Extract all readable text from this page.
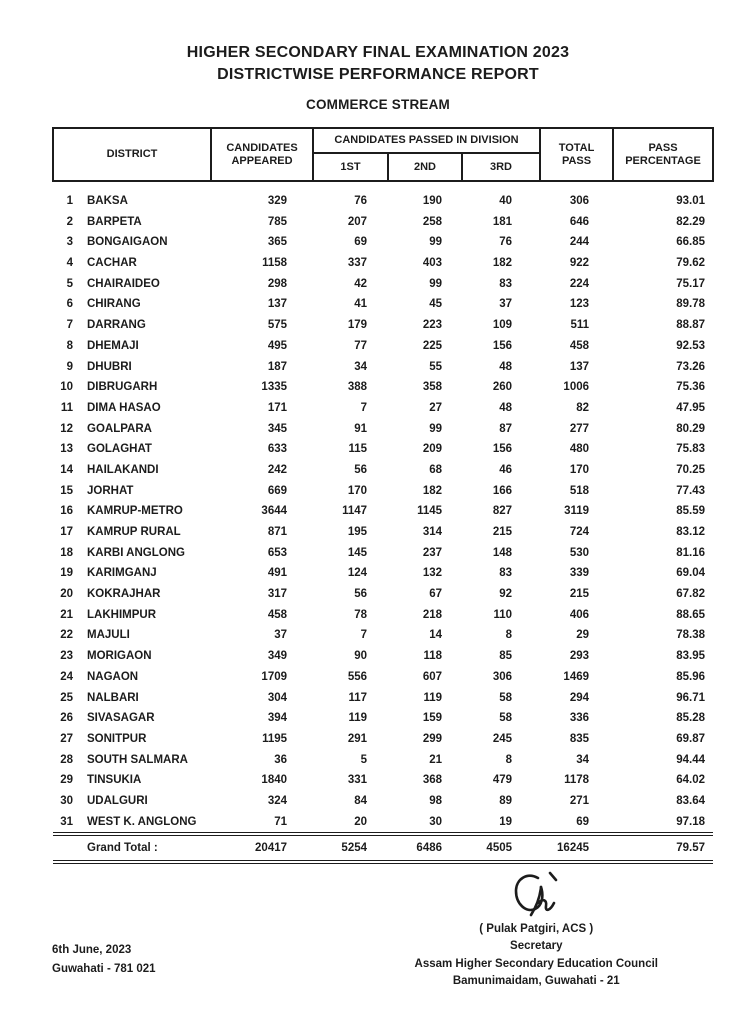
HIGHER SECONDARY FINAL EXAMINATION 2023
DISTRICTWISE PERFORMANCE REPORT
COMMERCE STREAM
DISTRICT		CANDIDATES APPEARED	CANDIDATES PASSED IN DIVISION			TOTAL PASS	PASS PERCENTAGE
			1ST	2ND	3RD		
1	BAKSA	329	76	190	40	306	93.01
2	BARPETA	785	207	258	181	646	82.29
3	BONGAIGAON	365	69	99	76	244	66.85
4	CACHAR	1158	337	403	182	922	79.62
5	CHAIRAIDEO	298	42	99	83	224	75.17
6	CHIRANG	137	41	45	37	123	89.78
7	DARRANG	575	179	223	109	511	88.87
8	DHEMAJI	495	77	225	156	458	92.53
9	DHUBRI	187	34	55	48	137	73.26
10	DIBRUGARH	1335	388	358	260	1006	75.36
11	DIMA HASAO	171	7	27	48	82	47.95
12	GOALPARA	345	91	99	87	277	80.29
13	GOLAGHAT	633	115	209	156	480	75.83
14	HAILAKANDI	242	56	68	46	170	70.25
15	JORHAT	669	170	182	166	518	77.43
16	KAMRUP-METRO	3644	1147	1145	827	3119	85.59
17	KAMRUP RURAL	871	195	314	215	724	83.12
18	KARBI ANGLONG	653	145	237	148	530	81.16
19	KARIMGANJ	491	124	132	83	339	69.04
20	KOKRAJHAR	317	56	67	92	215	67.82
21	LAKHIMPUR	458	78	218	110	406	88.65
22	MAJULI	37	7	14	8	29	78.38
23	MORIGAON	349	90	118	85	293	83.95
24	NAGAON	1709	556	607	306	1469	85.96
25	NALBARI	304	117	119	58	294	96.71
26	SIVASAGAR	394	119	159	58	336	85.28
27	SONITPUR	1195	291	299	245	835	69.87
28	SOUTH SALMARA	36	5	21	8	34	94.44
29	TINSUKIA	1840	331	368	479	1178	64.02
30	UDALGURI	324	84	98	89	271	83.64
31	WEST K. ANGLONG	71	20	30	19	69	97.18
	Grand Total :	20417	5254	6486	4505	16245	79.57
6th June, 2023
Guwahati - 781 021
( Pulak Patgiri, ACS )
Secretary
Assam Higher Secondary Education Council
Bamunimaidam, Guwahati - 21
